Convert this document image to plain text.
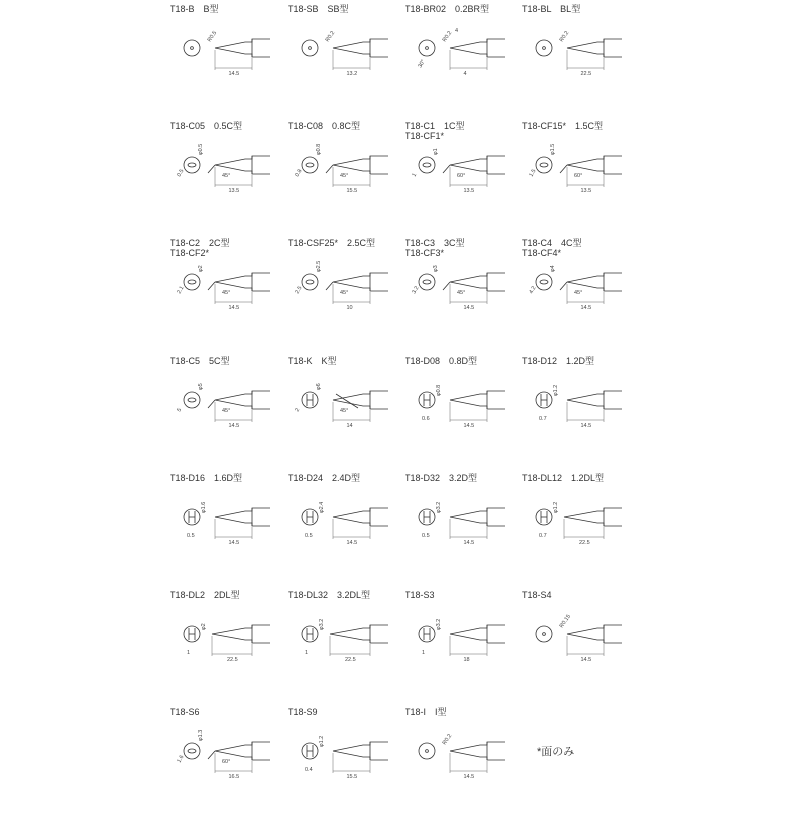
T18-B　B型
14.5
R0.5
T18-SB　SB型
13.2
R0.2
T18-BR02　0.2BR型
4
R0.2
30°
4
T18-BL　BL型
22.5
R0.2
T18-C05　0.5C型
13.5
φ0.5
0.5	45°
T18-C08　0.8C型
15.5
φ0.8
0.8	45°
T18-C1　1C型
T18-CF1*
13.5
φ1
1	60°
T18-CF15*　1.5C型
13.5
φ1.5
1.5	60°
T18-C2　2C型
T18-CF2*
14.5
φ2
2.1	45°
T18-CSF25*　2.5C型
10
φ2.5
2.5	45°
T18-C3　3C型
T18-CF3*
14.5
φ3
3.2	45°
T18-C4　4C型
T18-CF4*
14.5
φ4
4.2	45°
T18-C5　5C型
14.5
φ5
5	45°
T18-K　K型
14
φ6
2	45°
T18-D08　0.8D型
14.5
φ0.8
0.6
T18-D12　1.2D型
14.5
φ1.2
0.7
T18-D16　1.6D型
14.5
φ1.6
0.5
T18-D24　2.4D型
14.5
φ2.4
0.5
T18-D32　3.2D型
14.5
φ3.2
0.5
T18-DL12　1.2DL型
22.5
φ1.2
0.7
T18-DL2　2DL型
22.5
φ2
1
T18-DL32　3.2DL型
22.5
φ3.2
1
T18-S3
18
φ3.2
1
T18-S4
14.5
R0.15
T18-S6
16.5
φ1.3
1.6	60°
T18-S9
15.5
φ1.2
0.4
T18-I　I型
14.5
R0.2
*面のみ
